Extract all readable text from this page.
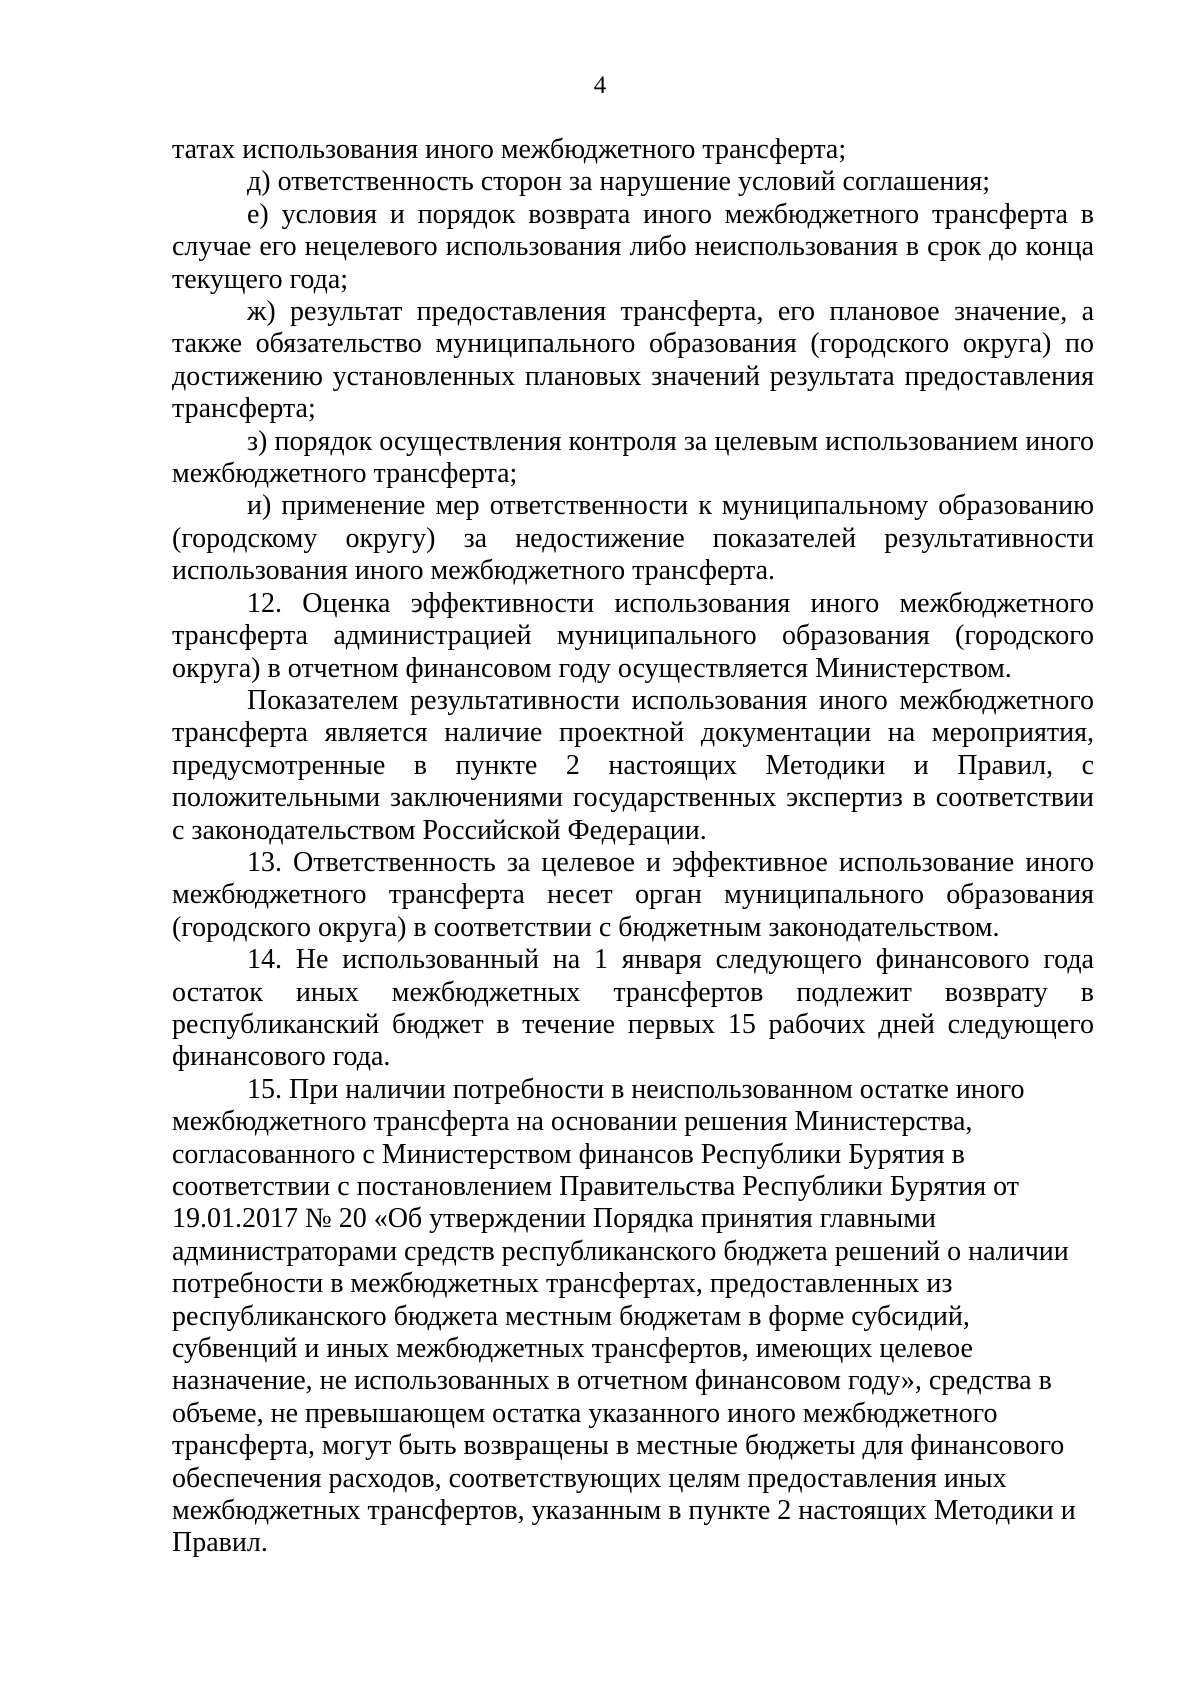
4

татах использования иного межбюджетного трансферта;

д) ответственность сторон за нарушение условий соглашения;

е) условия и порядок возврата иного межбюджетного трансферта в случае его нецелевого использования либо неиспользования в срок до конца текущего года;

ж) результат предоставления трансферта, его плановое значение, а также обязательство муниципального образования (городского округа) по достижению установленных плановых значений результата предоставления трансферта;

з) порядок осуществления контроля за целевым использованием иного межбюджетного трансферта;

и) применение мер ответственности к муниципальному образованию (городскому округу) за недостижение показателей результативности использования иного межбюджетного трансферта.

12. Оценка эффективности использования иного межбюджетного трансферта администрацией муниципального образования (городского округа) в отчетном финансовом году осуществляется Министерством.

Показателем результативности использования иного межбюджетного трансферта является наличие проектной документации на мероприятия, предусмотренные в пункте 2 настоящих Методики и Правил, с положительными заключениями государственных экспертиз в соответствии с законодательством Российской Федерации.

13. Ответственность за целевое и эффективное использование иного межбюджетного трансферта несет орган муниципального образования (городского округа) в соответствии с бюджетным законодательством.

14. Не использованный на 1 января следующего финансового года остаток иных межбюджетных трансфертов подлежит возврату в республиканский бюджет в течение первых 15 рабочих дней следующего финансового года.

15. При наличии потребности в неиспользованном остатке иного межбюджетного трансферта на основании решения Министерства, согласованного с Министерством финансов Республики Бурятия в соответствии с постановлением Правительства Республики Бурятия от 19.01.2017 № 20 «Об утверждении Порядка принятия главными администраторами средств республиканского бюджета решений о наличии потребности в межбюджетных трансфертах, предоставленных из республиканского бюджета местным бюджетам в форме субсидий, субвенций и иных межбюджетных трансфертов, имеющих целевое назначение, не использованных в отчетном финансовом году», средства в объеме, не превышающем остатка указанного иного межбюджетного трансферта, могут быть возвращены в местные бюджеты для финансового обеспечения расходов, соответствующих целям предоставления иных межбюджетных трансфертов, указанным в пункте 2 настоящих Методики и Правил.
